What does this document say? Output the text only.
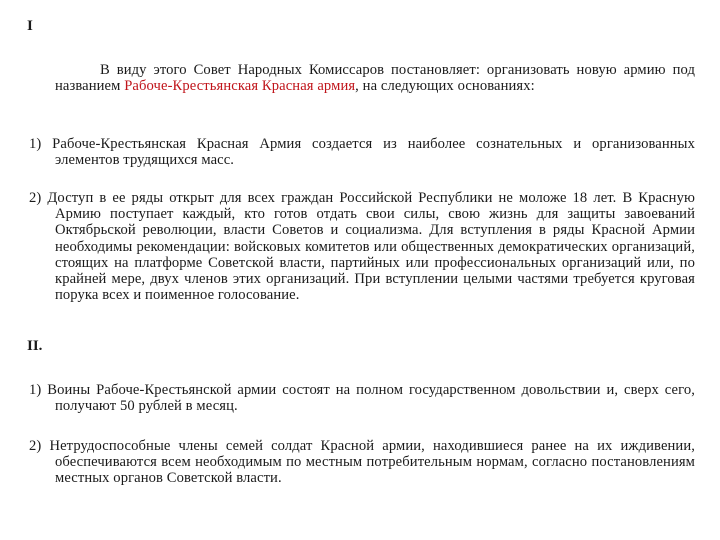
I

В виду этого Совет Народных Комиссаров постановляет: организовать новую армию под названием Рабоче-Крестьянская Красная армия, на следующих основаниях:

1) Рабоче-Крестьянская Красная Армия создается из наиболее сознательных и организованных элементов трудящихся масс.

2) Доступ в ее ряды открыт для всех граждан Российской Республики не моложе 18 лет. В Красную Армию поступает каждый, кто готов отдать свои силы, свою жизнь для защиты завоеваний Октябрьской революции, власти Советов и социализма. Для вступления в ряды Красной Армии необходимы рекомендации: войсковых комитетов или общественных демократических организаций, стоящих на платформе Советской власти, партийных или профессиональных организаций или, по крайней мере, двух членов этих организаций. При вступлении целыми частями требуется круговая порука всех и поименное голосование.

II.

1) Воины Рабоче-Крестьянской армии состоят на полном государственном довольствии и, сверх сего, получают 50 рублей в месяц.

2) Нетрудоспособные члены семей солдат Красной армии, находившиеся ранее на их иждивении, обеспечиваются всем необходимым по местным потребительным нормам, согласно постановлениям местных органов Советской власти.
